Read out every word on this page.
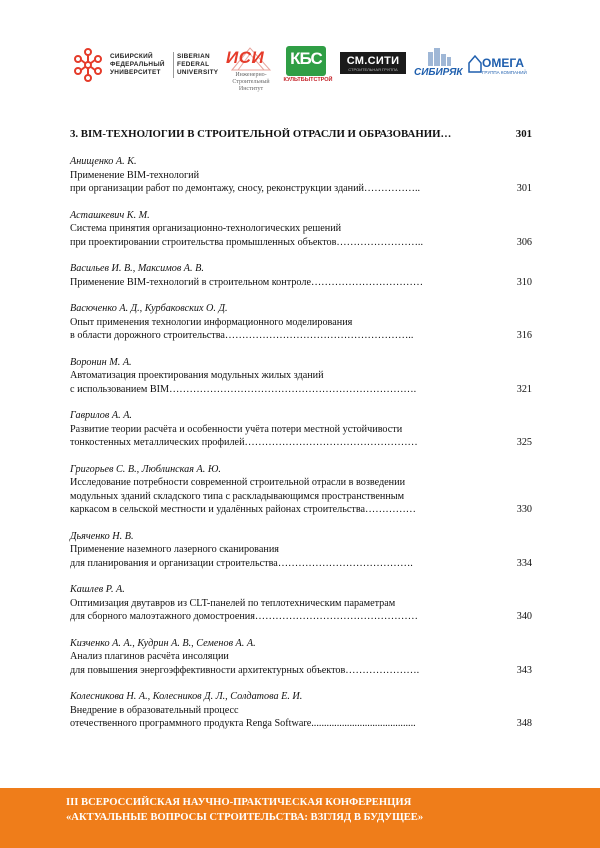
СИБИРСКИЙ
ФЕДЕРАЛЬНЫЙ
УНИВЕРСИТЕТ
SIBERIAN
FEDERAL
UNIVERSITY
ИСИ
Инженерно-
Строительный
Институт
КБС
КУЛЬТБЫТСТРОЙ
СМ.СИТИ
СТРОИТЕЛЬНАЯ ГРУППА	СИБИРЯК
ОМЕГА
ГРУППА КОМПАНИЙ
3. BIM-ТЕХНОЛОГИИ В СТРОИТЕЛЬНОЙ ОТРАСЛИ И ОБРАЗОВАНИИ…	301
Анищенко А. К.
Применение BIM-технологий
при организации работ по демонтажу, сносу, реконструкции зданий……………..	301
Асташкевич К. М.
Система принятия организационно-технологических решений
при проектировании строительства промышленных объектов……………………..	306
Васильев И. В., Максимов А. В.
Применение BIM-технологий в строительном контроле……………………………	310
Васюченко А. Д., Курбаковских О. Д.
Опыт применения технологии информационного моделирования
в области дорожного строительства………………………………………………..	316
Воронин М. А.
Автоматизация проектирования модульных жилых зданий
с использованием BIM……………………………………………………………….	321
Гаврилов А. А.
Развитие теории расчёта и особенности учёта потери местной устойчивости
тонкостенных металлических профилей……………………………………………	325
Григорьев С. В., Люблинская А. Ю.
Исследование потребности современной строительной отрасли в возведении
модульных зданий складского типа с раскладывающимся пространственным
каркасом в сельской местности и удалённых районах строительства……………	330
Дьяченко Н. В.
Применение наземного лазерного сканирования
для планирования и организации строительства………………………………….	334
Кашлев Р. А.
Оптимизация двутавров из CLT-панелей по теплотехническим параметрам
для сборного малоэтажного домостроения…………………………………………	340
Кизченко А. А., Кудрин А. В., Семенов А. А.
Анализ плагинов расчёта инсоляции
для повышения энергоэффективности архитектурных объектов………………….	343
Колесникова Н. А., Колесников Д. Л., Солдатова Е. И.
Внедрение в образовательный процесс
отечественного программного продукта Renga Software.........................................	348
III ВСЕРОССИЙСКАЯ НАУЧНО-ПРАКТИЧЕСКАЯ КОНФЕРЕНЦИЯ
«АКТУАЛЬНЫЕ ВОПРОСЫ СТРОИТЕЛЬСТВА: ВЗГЛЯД В БУДУЩЕЕ»
